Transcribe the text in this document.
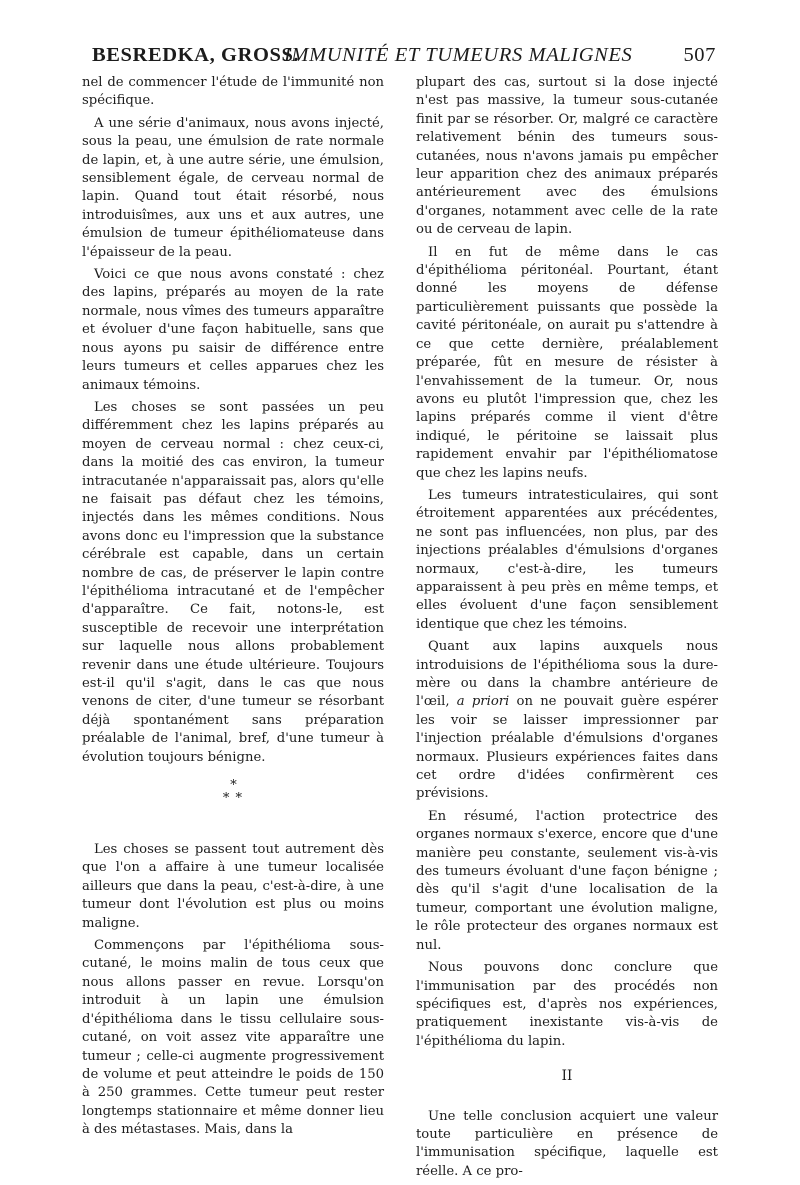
BESREDKA, GROSS.
IMMUNITÉ ET TUMEURS MALIGNES 507

nel de commencer l'étude de l'immunité non spécifique.

A une série d'animaux, nous avons injecté, sous la peau, une émulsion de rate normale de lapin, et, à une autre série, une émulsion, sensiblement égale, de cerveau normal de lapin. Quand tout était résorbé, nous introduisîmes, aux uns et aux autres, une émulsion de tumeur épithéliomateuse dans l'épaisseur de la peau.

Voici ce que nous avons constaté : chez des lapins, préparés au moyen de la rate normale, nous vîmes des tumeurs apparaître et évoluer d'une façon habituelle, sans que nous ayons pu saisir de différence entre leurs tumeurs et celles apparues chez les animaux témoins.

Les choses se sont passées un peu différemment chez les lapins préparés au moyen de cerveau normal : chez ceux-ci, dans la moitié des cas environ, la tumeur intracutanée n'apparaissait pas, alors qu'elle ne faisait pas défaut chez les témoins, injectés dans les mêmes conditions. Nous avons donc eu l'impression que la substance cérébrale est capable, dans un certain nombre de cas, de préserver le lapin contre l'épithélioma intracutané et de l'empêcher d'apparaître. Ce fait, notons-le, est susceptible de recevoir une interprétation sur laquelle nous allons probablement revenir dans une étude ultérieure. Toujours est-il qu'il s'agit, dans le cas que nous venons de citer, d'une tumeur se résorbant déjà spontanément sans préparation préalable de l'animal, bref, d'une tumeur à évolution toujours bénigne.

*
* *

Les choses se passent tout autrement dès que l'on a affaire à une tumeur localisée ailleurs que dans la peau, c'est-à-dire, à une tumeur dont l'évolution est plus ou moins maligne.

Commençons par l'épithélioma sous-cutané, le moins malin de tous ceux que nous allons passer en revue. Lorsqu'on introduit à un lapin une émulsion d'épithélioma dans le tissu cellulaire sous-cutané, on voit assez vite apparaître une tumeur ; celle-ci augmente progressivement de volume et peut atteindre le poids de 150 à 250 grammes. Cette tumeur peut rester longtemps stationnaire et même donner lieu à des métastases. Mais, dans la

plupart des cas, surtout si la dose injecté n'est pas massive, la tumeur sous-cutanée finit par se résorber. Or, malgré ce caractère relativement bénin des tumeurs sous-cutanées, nous n'avons jamais pu empêcher leur apparition chez des animaux préparés antérieurement avec des émulsions d'organes, notamment avec celle de la rate ou de cerveau de lapin.

Il en fut de même dans le cas d'épithélioma péritonéal. Pourtant, étant donné les moyens de défense particulièrement puissants que possède la cavité péritonéale, on aurait pu s'attendre à ce que cette dernière, préalablement préparée, fût en mesure de résister à l'envahissement de la tumeur. Or, nous avons eu plutôt l'impression que, chez les lapins préparés comme il vient d'être indiqué, le péritoine se laissait plus rapidement envahir par l'épithéliomatose que chez les lapins neufs.

Les tumeurs intratesticulaires, qui sont étroitement apparentées aux précédentes, ne sont pas influencées, non plus, par des injections préalables d'émulsions d'organes normaux, c'est-à-dire, les tumeurs apparaissent à peu près en même temps, et elles évoluent d'une façon sensiblement identique que chez les témoins.

Quant aux lapins auxquels nous introduisions de l'épithélioma sous la dure-mère ou dans la chambre antérieure de l'œil, a priori on ne pouvait guère espérer les voir se laisser impressionner par l'injection préalable d'émulsions d'organes normaux. Plusieurs expériences faites dans cet ordre d'idées confirmèrent ces prévisions.

En résumé, l'action protectrice des organes normaux s'exerce, encore que d'une manière peu constante, seulement vis-à-vis des tumeurs évoluant d'une façon bénigne ; dès qu'il s'agit d'une localisation de la tumeur, comportant une évolution maligne, le rôle protecteur des organes normaux est nul.

Nous pouvons donc conclure que l'immunisation par des procédés non spécifiques est, d'après nos expériences, pratiquement inexistante vis-à-vis de l'épithélioma du lapin.

II

Une telle conclusion acquiert une valeur toute particulière en présence de l'immunisation spécifique, laquelle est réelle. A ce pro-
